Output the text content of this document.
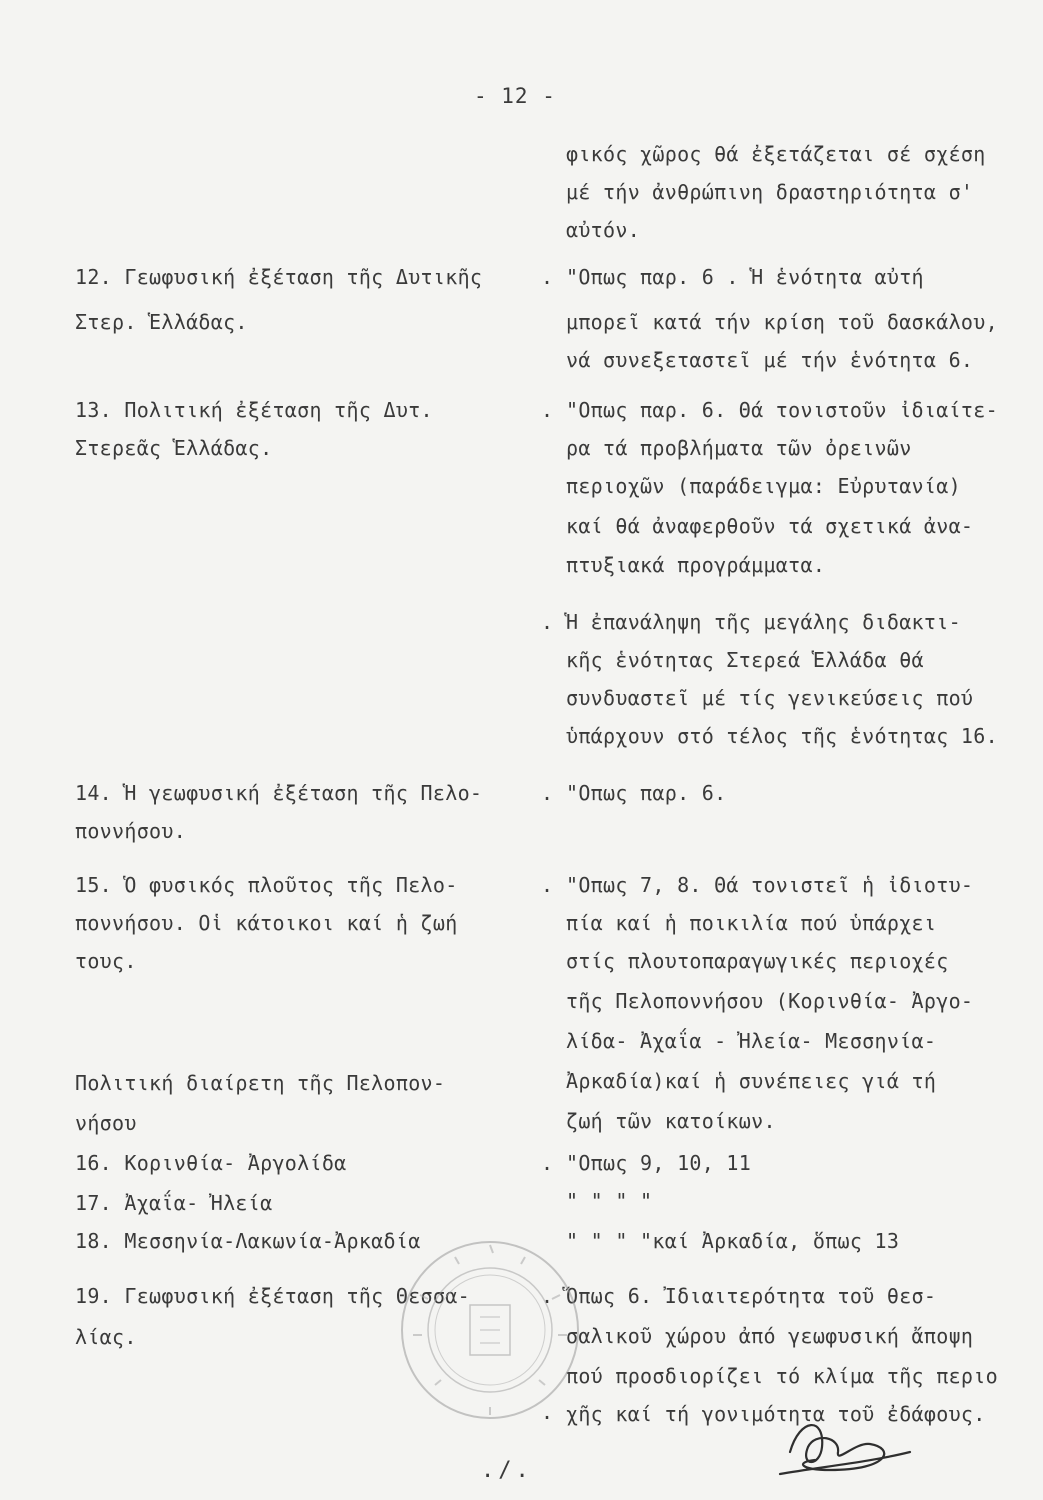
- 12 -
12. Γεωφυσική ἐξέταση τῆς Δυτικῆς
Στερ. Ἑλλάδας.
13. Πολιτική ἐξέταση τῆς Δυτ.
Στερεᾶς Ἑλλάδας.
14. Ἡ γεωφυσική ἐξέταση τῆς Πελο-
ποννήσου.
15. Ὁ φυσικός πλοῦτος τῆς Πελο-
ποννήσου. Οἱ κάτοικοι καί ἡ ζωή
τους.
Πολιτική διαίρετη τῆς Πελοπον-
νήσου
16. Κορινθία- Ἀργολίδα
17. Ἀχαΐα- Ἠλεία
18. Μεσσηνία-Λακωνία-Ἀρκαδία
19. Γεωφυσική ἐξέταση τῆς Θεσσα-
λίας.
.
.
.
.
.
.
.
.
φικός χῶρος θά ἐξετάζεται σέ σχέση
μέ τήν ἀνθρώπινη δραστηριότητα σ'
αὐτόν.
"Οπως παρ. 6 . Ἡ ἑνότητα αὐτή
μπορεῖ κατά τήν κρίση τοῦ δασκάλου,
νά συνεξεταστεῖ μέ τήν ἑνότητα 6.
"Οπως παρ. 6. Θά τονιστοῦν ἰδιαίτε-
ρα τά προβλήματα τῶν ὀρεινῶν
περιοχῶν (παράδειγμα: Εὐρυτανία)
καί θά ἀναφερθοῦν τά σχετικά ἀνα-
πτυξιακά προγράμματα.
Ἡ ἐπανάληψη τῆς μεγάλης διδακτι-
κῆς ἑνότητας Στερεά Ἑλλάδα θά
συνδυαστεῖ μέ τίς γενικεύσεις πού
ὑπάρχουν στό τέλος τῆς ἑνότητας 16.
"Οπως παρ. 6.
"Οπως 7, 8. Θά τονιστεῖ ἡ ἰδιοτυ-
πία καί ἡ ποικιλία πού ὑπάρχει
στίς πλουτοπαραγωγικές περιοχές
τῆς Πελοποννήσου (Κορινθία- Ἀργο-
λίδα- Ἀχαΐα - Ἠλεία- Μεσσηνία-
Ἀρκαδία)καί ἡ συνέπειες γιά τή
ζωή τῶν κατοίκων.
"Οπως 9, 10, 11
" " " "
" " " "καί Ἀρκαδία, ὅπως 13
Ὅπως 6. Ἰδιαιτερότητα τοῦ θεσ-
σαλικοῦ χώρου ἀπό γεωφυσική ἄποψη
πού προσδιορίζει τό κλίμα τῆς περιο
χῆς καί τή γονιμότητα τοῦ ἐδάφους.
./.
